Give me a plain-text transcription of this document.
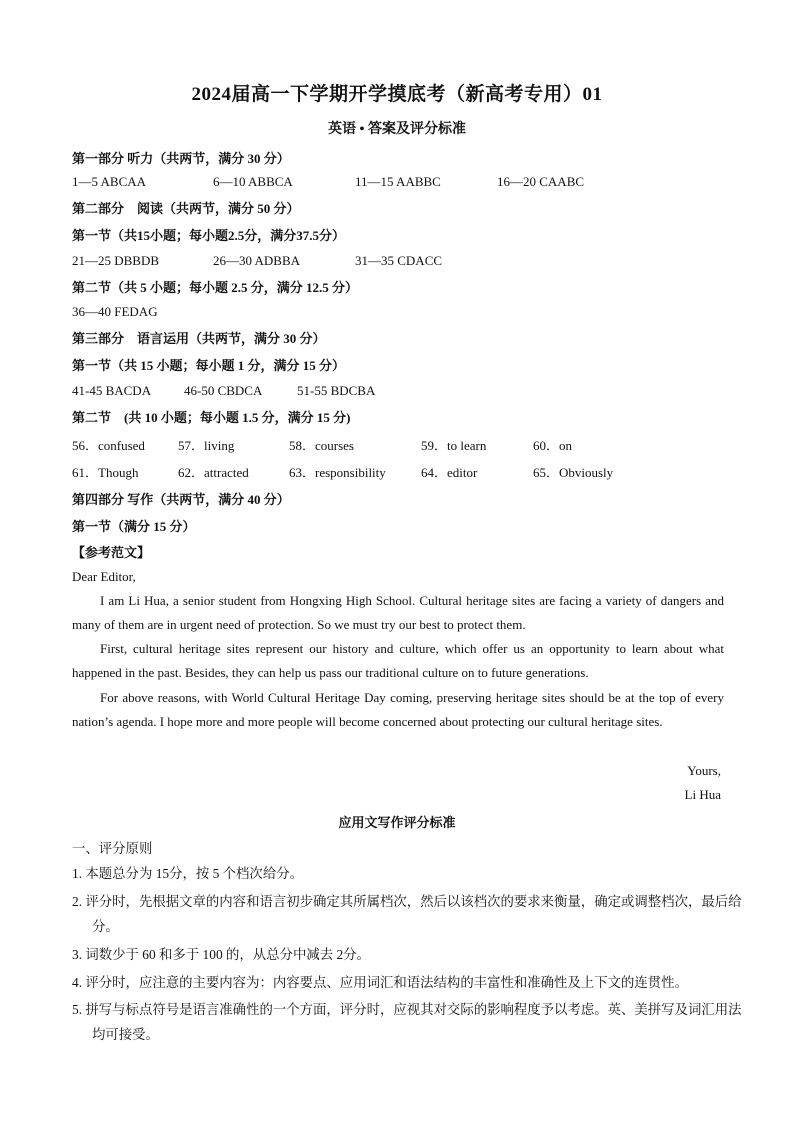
2024届高一下学期开学摸底考（新高考专用）01
英语 • 答案及评分标准
第一部分 听力（共两节，满分 30 分）
1—5 ABCAA	6—10 ABBCA	11—15 AABBC	16—20 CAABC
第二部分　阅读（共两节，满分 50 分）
第一节（共15小题；每小题2.5分，满分37.5分）
21—25 DBBDB	26—30 ADBBA	31—35 CDACC
第二节（共 5 小题；每小题 2.5 分，满分 12.5 分）
36—40 FEDAG
第三部分　语言运用（共两节，满分 30 分）
第一节（共 15 小题；每小题 1 分，满分 15 分）
41-45 BACDA	46-50 CBDCA	51-55 BDCBA
第二节　(共 10 小题；每小题 1.5 分，满分 15 分)
56．confused	57．living	58．courses	59．to learn	60．on
61．Though	62．attracted	63．responsibility	64．editor	65．Obviously
第四部分 写作（共两节，满分 40 分）
第一节（满分 15 分）
【参考范文】
Dear Editor,
I am Li Hua, a senior student from Hongxing High School. Cultural heritage sites are facing a variety of dangers and many of them are in urgent need of protection. So we must try our best to protect them.
First, cultural heritage sites represent our history and culture, which offer us an opportunity to learn about what happened in the past. Besides, they can help us pass our traditional culture on to future generations.
For above reasons, with World Cultural Heritage Day coming, preserving heritage sites should be at the top of every nation’s agenda. I hope more and more people will become concerned about protecting our cultural heritage sites.
Yours,
Li Hua
应用文写作评分标准
一、评分原则
1. 本题总分为 15分，按 5 个档次给分。
2. 评分时，先根据文章的内容和语言初步确定其所属档次，然后以该档次的要求来衡量，确定或调整档次，最后给分。
3. 词数少于 60 和多于 100 的，从总分中减去 2分。
4. 评分时，应注意的主要内容为：内容要点、应用词汇和语法结构的丰富性和准确性及上下文的连贯性。
5. 拼写与标点符号是语言准确性的一个方面，评分时，应视其对交际的影响程度予以考虑。英、美拼写及词汇用法均可接受。
